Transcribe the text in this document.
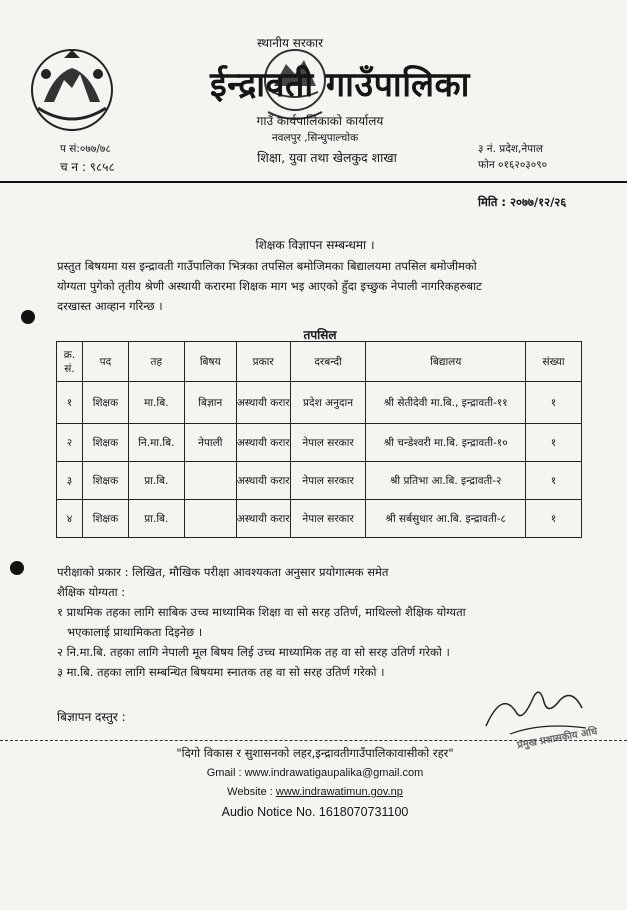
स्थानीय सरकार
ईन्द्रावती गाउँपालिका
गाउँ कार्यपालिकाको कार्यालय
नवलपुर ,सिन्धुपाल्चोक
शिक्षा, युवा तथा खेलकुद शाखा
प सं:०७७/७८
च न : ९८५८
३ नं. प्रदेश,नेपाल
फोन ०१६२०३०९०
मिति : २०७७/१२/२६
शिक्षक विज्ञापन सम्बन्धमा ।
प्रस्तुत बिषयमा यस इन्द्रावती गाउँपालिका भित्रका तपसिल बमोजिमका बिद्यालयमा तपसिल बमोजीमको
योग्यता पुगेको तृतीय श्रेणी अस्थायी करारमा शिक्षक माग भइ आएको हुँदा इच्छुक नेपाली नागरिकहरुबाट
दरखास्त आव्हान गरिन्छ ।
तपसिल
क्र. सं.	पद	तह	बिषय	प्रकार	दरबन्दी	बिद्यालय	संख्या
१	शिक्षक	मा.बि.	बिज्ञान	अस्थायी करार	प्रदेश अनुदान	श्री सेतीदेवी मा.बि., इन्द्रावती-११	१
२	शिक्षक	नि.मा.बि.	नेपाली	अस्थायी करार	नेपाल सरकार	श्री चन्डेश्वरी मा.बि. इन्द्रावती-१०	१
३	शिक्षक	प्रा.बि.		अस्थायी करार	नेपाल सरकार	श्री प्रतिभा आ.बि. इन्द्रावती-२	१
४	शिक्षक	प्रा.बि.		अस्थायी करार	नेपाल सरकार	श्री सर्बसुधार आ.बि. इन्द्रावती-८	१
परीक्षाको प्रकार : लिखित, मौखिक परीक्षा आवश्यकता अनुसार प्रयोगात्मक समेत
शैक्षिक योग्यता :
१ प्राथमिक तहका लागि साबिक उच्च माध्यामिक शिक्षा वा सो सरह उतिर्ण, माथिल्लो शैक्षिक योग्यता
भएकालाई प्राथामिकता दिइनेछ ।
२ नि.मा.बि. तहका लागि नेपाली मूल बिषय लिई उच्च माध्यामिक तह वा सो सरह उतिर्ण गरेको ।
३ मा.बि. तहका लागि सम्बन्धित बिषयमा स्नातक तह वा सो सरह उतिर्ण गरेको ।
बिज्ञापन दस्तुर :
प्रमुख प्रशासकीय अधि
"दिगो विकास र सुशासनको लहर,इन्द्रावतीगाउँपालिकावासीको रहर"
Gmail : www.indrawatigaupalika@gmail.com
Website : www.indrawatimun.gov.np
Audio Notice No. 1618070731100
